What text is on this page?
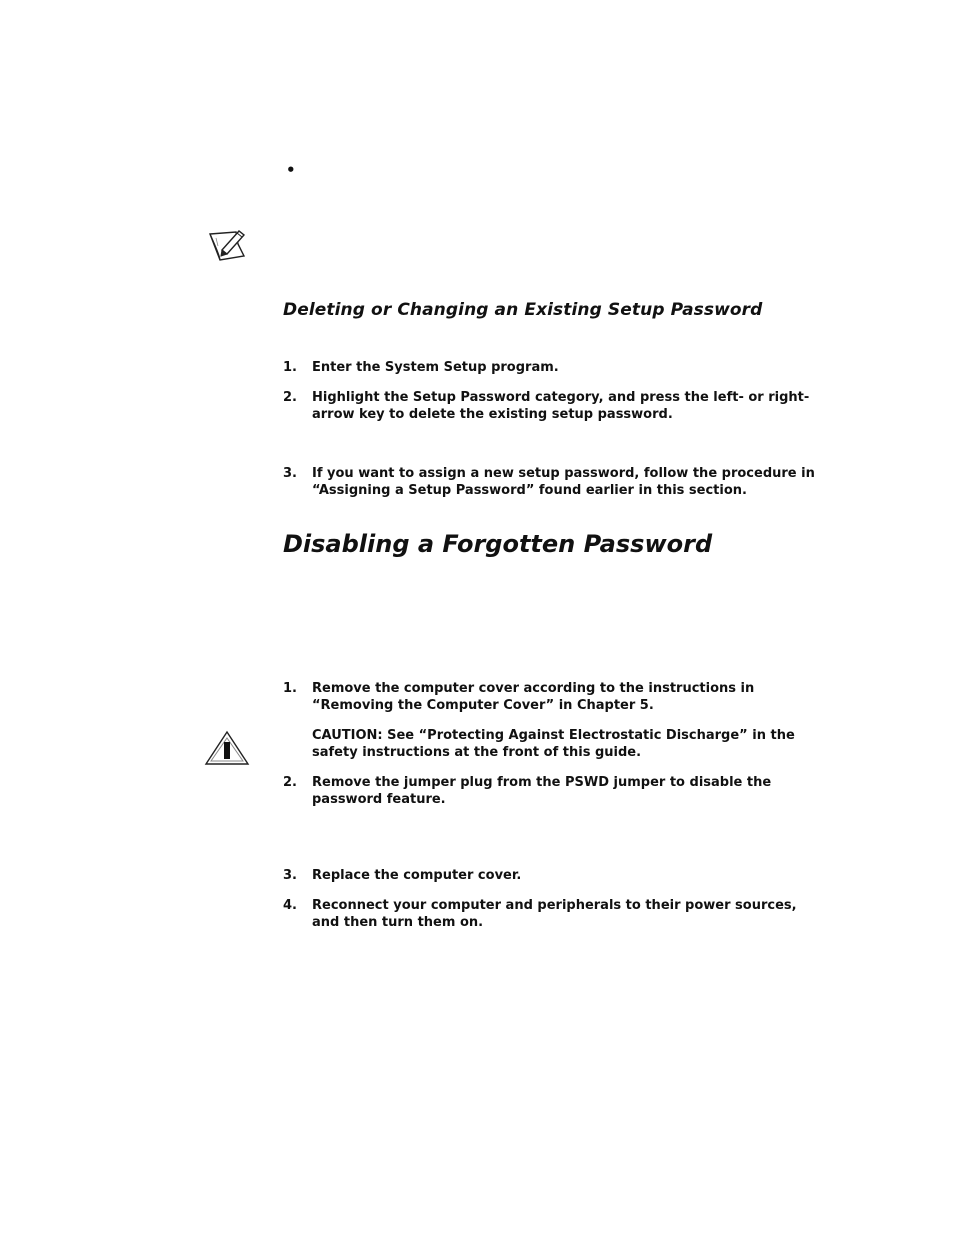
•
Deleting or Changing an Existing Setup Password
1.	Enter the System Setup program.
2.	Highlight the Setup Password category, and press the left- or right-arrow key to delete the existing setup password.
3.	If you want to assign a new setup password, follow the procedure in “Assigning a Setup Password” found earlier in this section.
Disabling a Forgotten Password
1.	Remove the computer cover according to the instructions in “Removing the Computer Cover” in Chapter 5.
CAUTION: See “Protecting Against Electrostatic Discharge” in the safety instructions at the front of this guide.
2.	Remove the jumper plug from the PSWD jumper to disable the password feature.
3.	Replace the computer cover.
4.	Reconnect your computer and peripherals to their power sources, and then turn them on.
